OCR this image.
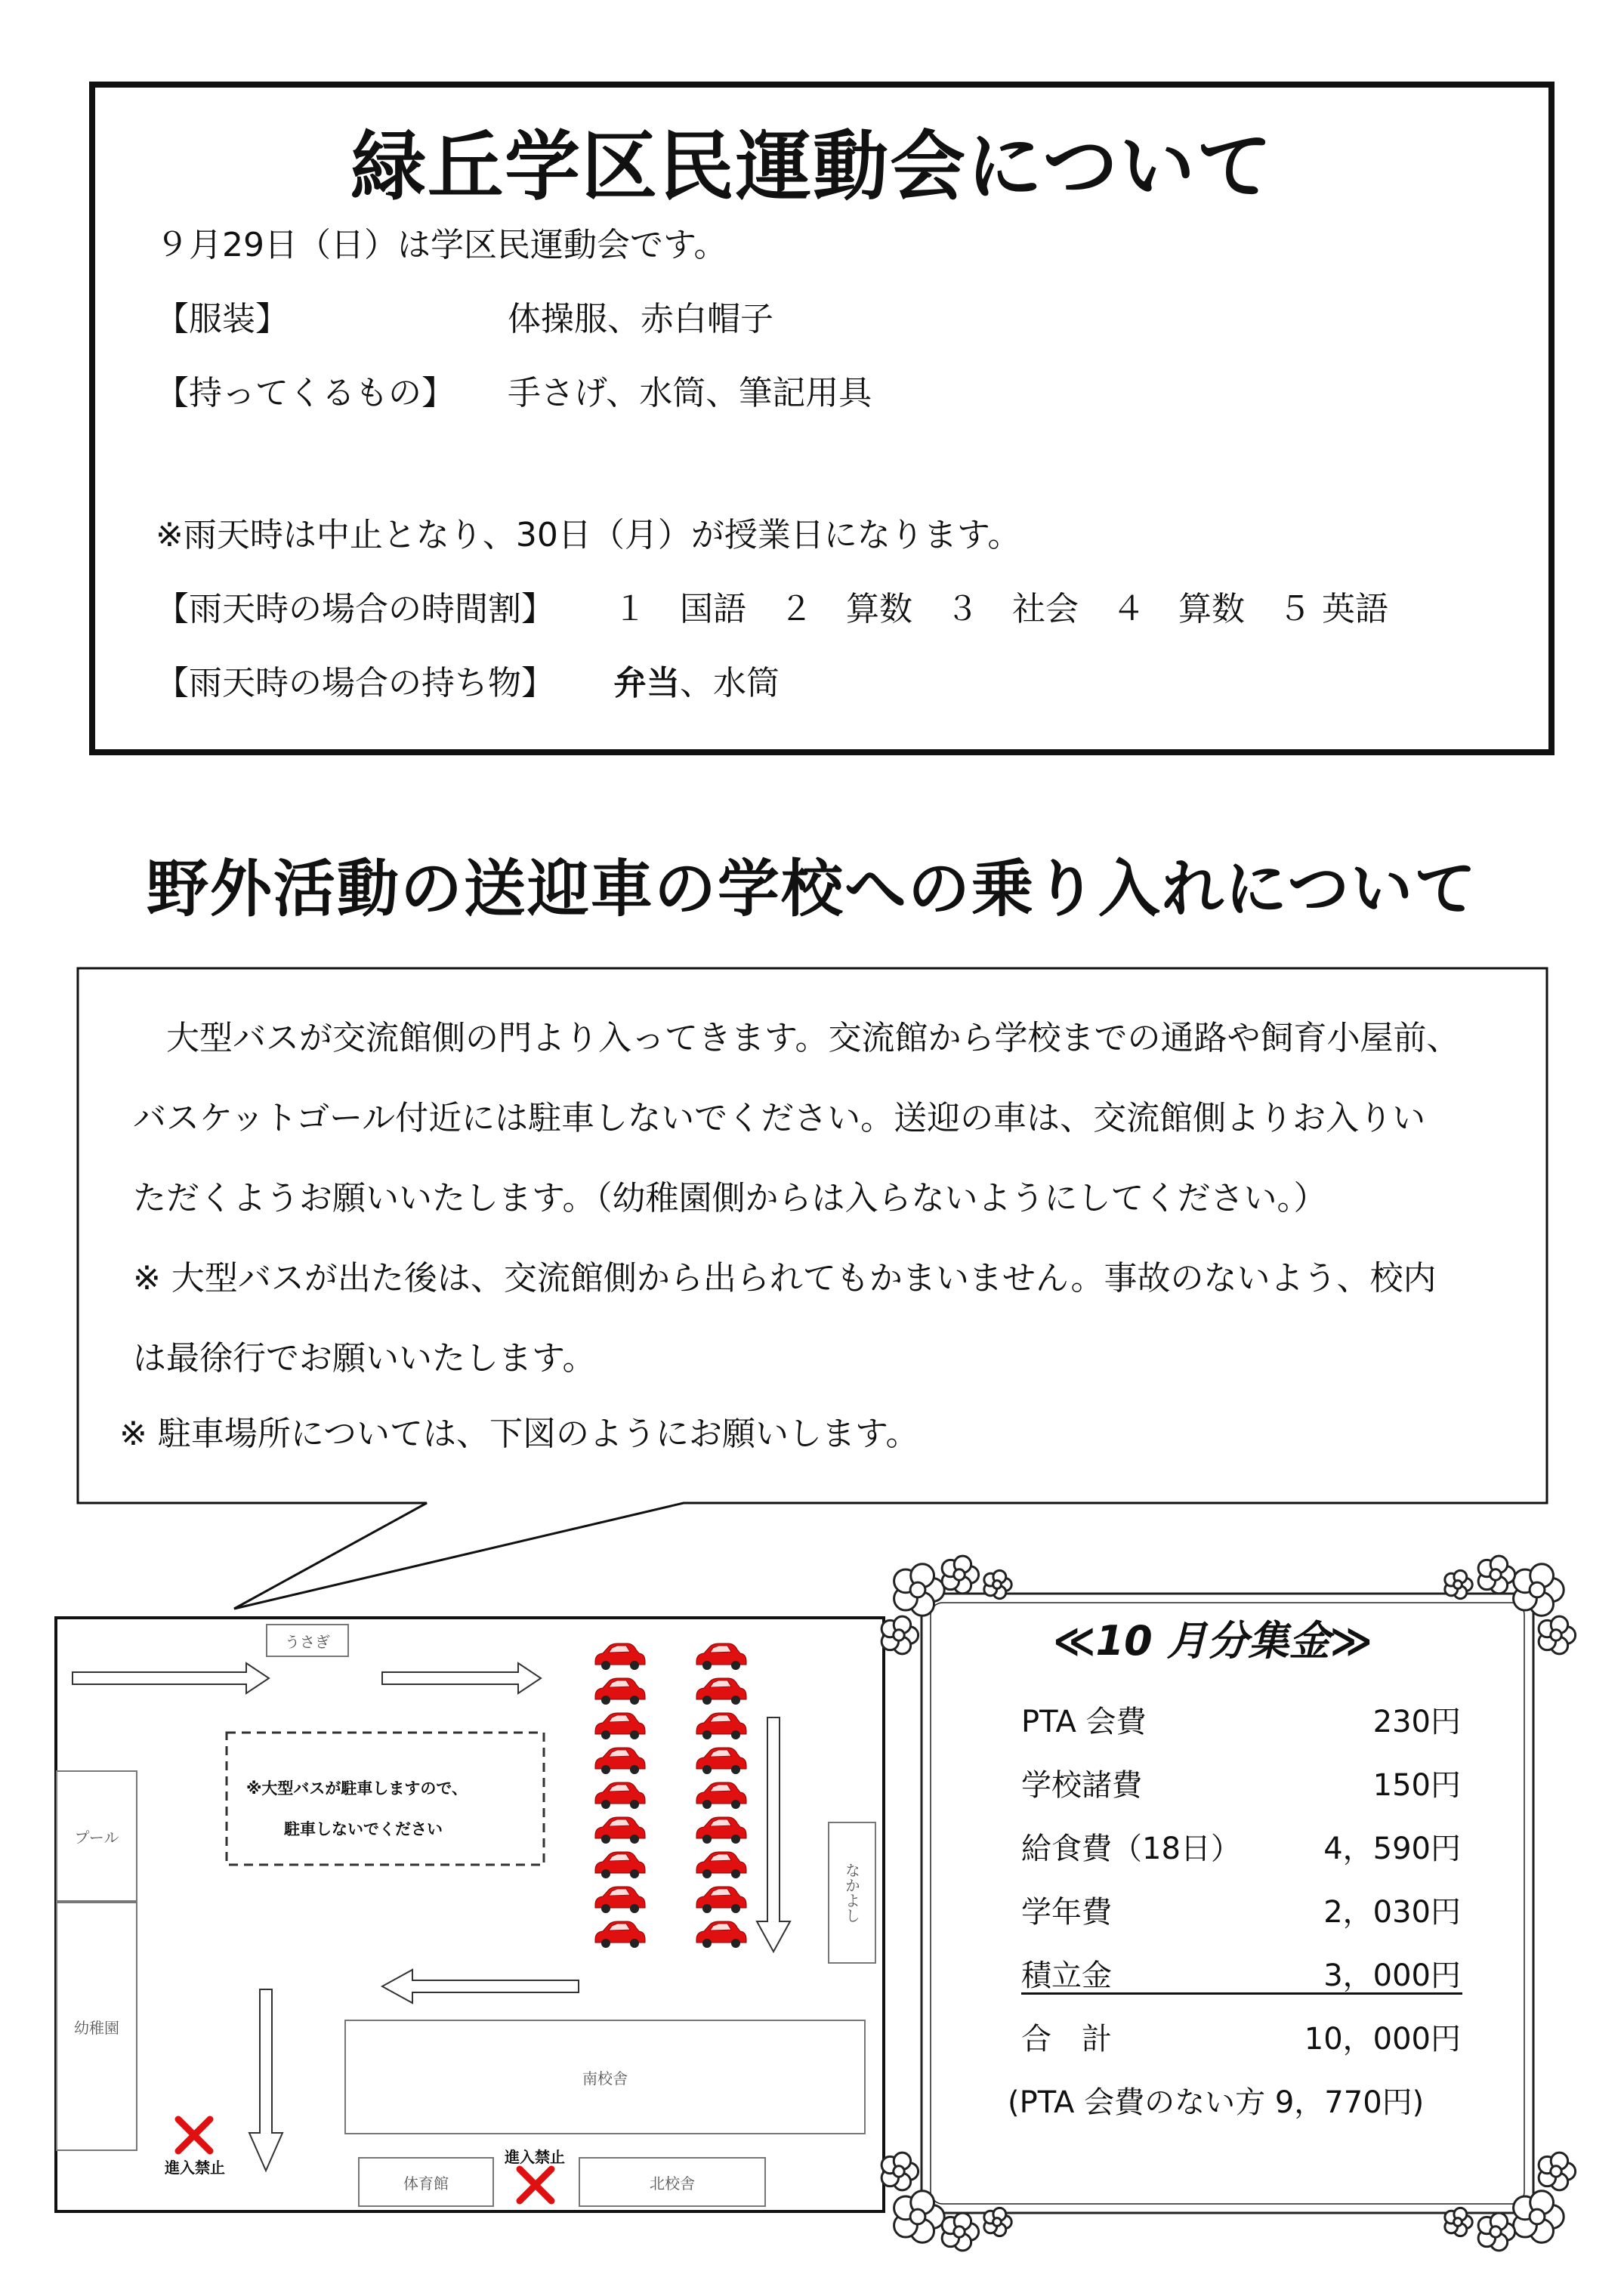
緑丘学区民運動会について
９月29日（日）は学区民運動会です。
【服装】	体操服、赤白帽子
【持ってくるもの】 手さげ、水筒、筆記用具
※雨天時は中止となり、30日（月）が授業日になります。
【雨天時の場合の時間割】 １　国語　２　算数　３　社会　４　算数　５ 英語
【雨天時の場合の持ち物】 弁当、水筒
野外活動の送迎車の学校への乗り入れについて
　大型バスが交流館側の門より入ってきます。交流館から学校までの通路や飼育小屋前、
バスケットゴール付近には駐車しないでください。送迎の車は、交流館側よりお入りい
ただくようお願いいたします。（幼稚園側からは入らないようにしてください。）
※ 大型バスが出た後は、交流館側から出られてもかまいません。事故のないよう、校内
は最徐行でお願いいたします。
※ 駐車場所については、下図のようにお願いします。
うさぎ
プール
幼稚園
なかよし
南校舎
体育館	北校舎
※大型バスが駐車しますので、
駐車しないでください
進入禁止
進入禁止
≪10 月分集金≫
PTA 会費	230円
学校諸費	150円
給食費（18日）	4，590円
学年費	2，030円
積立金	3，000円
合　計	10，000円
(PTA 会費のない方 9，770円)
